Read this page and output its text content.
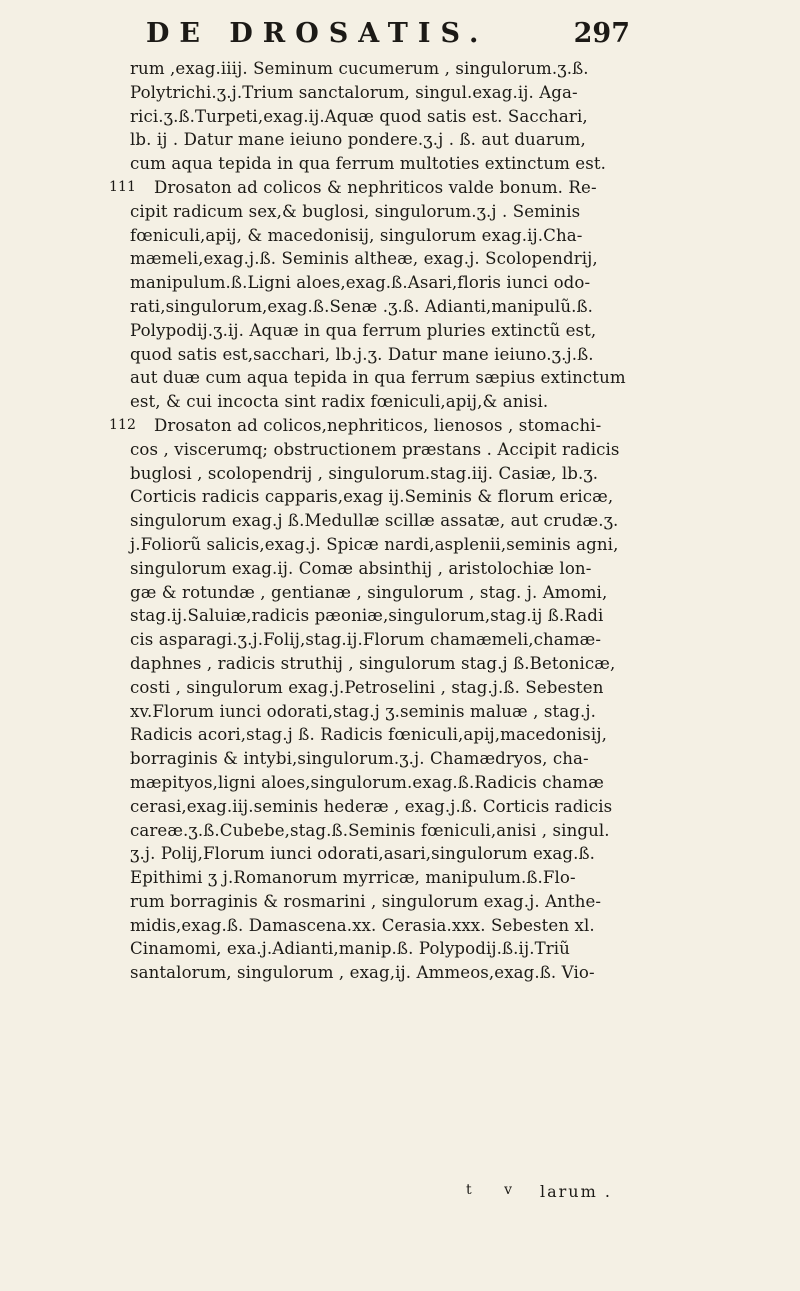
DE DROSATIS.	297
rum ,exag.iiij. Seminum cucumerum , singulorum.ʒ.ß.
Polytrichi.ʒ.j.Trium sanctalorum, singul.exag.ij. Aga-
rici.ʒ.ß.Turpeti,exag.ij.Aquæ quod satis est. Sacchari,
lb. ij . Datur mane ieiuno pondere.ʒ.j . ß. aut duarum,
cum aqua tepida in qua ferrum multoties extinctum est.
111 Drosaton ad colicos & nephriticos valde bonum. Re-
cipit radicum sex,& buglosi, singulorum.ʒ.j . Seminis
fœniculi,apij, & macedonisij, singulorum exag.ij.Cha-
mæmeli,exag.j.ß. Seminis altheæ, exag.j. Scolopendrij,
manipulum.ß.Ligni aloes,exag.ß.Asari,floris iunci odo-
rati,singulorum,exag.ß.Senæ .ʒ.ß. Adianti,manipulũ.ß.
Polypodij.ʒ.ij. Aquæ in qua ferrum pluries extinctũ est,
quod satis est,sacchari, lb.j.ʒ. Datur mane ieiuno.ʒ.j.ß.
aut duæ cum aqua tepida in qua ferrum sæpius extinctum
est, & cui incocta sint radix fœniculi,apij,& anisi.
112 Drosaton ad colicos,nephriticos, lienosos , stomachi-
cos , viscerumq; obstructionem præstans . Accipit radicis
buglosi , scolopendrij , singulorum.stag.iij. Casiæ, lb.ʒ.
Corticis radicis capparis,exag ij.Seminis & florum ericæ,
singulorum exag.j ß.Medullæ scillæ assatæ, aut crudæ.ʒ.
j.Foliorũ salicis,exag.j. Spicæ nardi,asplenii,seminis agni,
singulorum exag.ij. Comæ absinthij , aristolochiæ lon-
gæ & rotundæ , gentianæ , singulorum , stag. j. Amomi,
stag.ij.Saluiæ,radicis pæoniæ,singulorum,stag.ij ß.Radi
cis asparagi.ʒ.j.Folij,stag.ij.Florum chamæmeli,chamæ-
daphnes , radicis struthij , singulorum stag.j ß.Betonicæ,
costi , singulorum exag.j.Petroselini , stag.j.ß. Sebesten
xv.Florum iunci odorati,stag.j ʒ.seminis maluæ , stag.j.
Radicis acori,stag.j ß. Radicis fœniculi,apij,macedonisij,
borraginis & intybi,singulorum.ʒ.j. Chamædryos, cha-
mæpityos,ligni aloes,singulorum.exag.ß.Radicis chamæ
cerasi,exag.iij.seminis hederæ , exag.j.ß. Corticis radicis
careæ.ʒ.ß.Cubebe,stag.ß.Seminis fœniculi,anisi , singul.
ʒ.j. Polij,Florum iunci odorati,asari,singulorum exag.ß.
Epithimi ʒ j.Romanorum myrricæ, manipulum.ß.Flo-
rum borraginis & rosmarini , singulorum exag.j. Anthe-
midis,exag.ß. Damascena.xx. Cerasia.xxx. Sebesten xl.
Cinamomi, exa.j.Adianti,manip.ß. Polypodij.ß.ij.Triũ
santalorum, singulorum , exag,ij. Ammeos,exag.ß. Vio-
t v larum .
